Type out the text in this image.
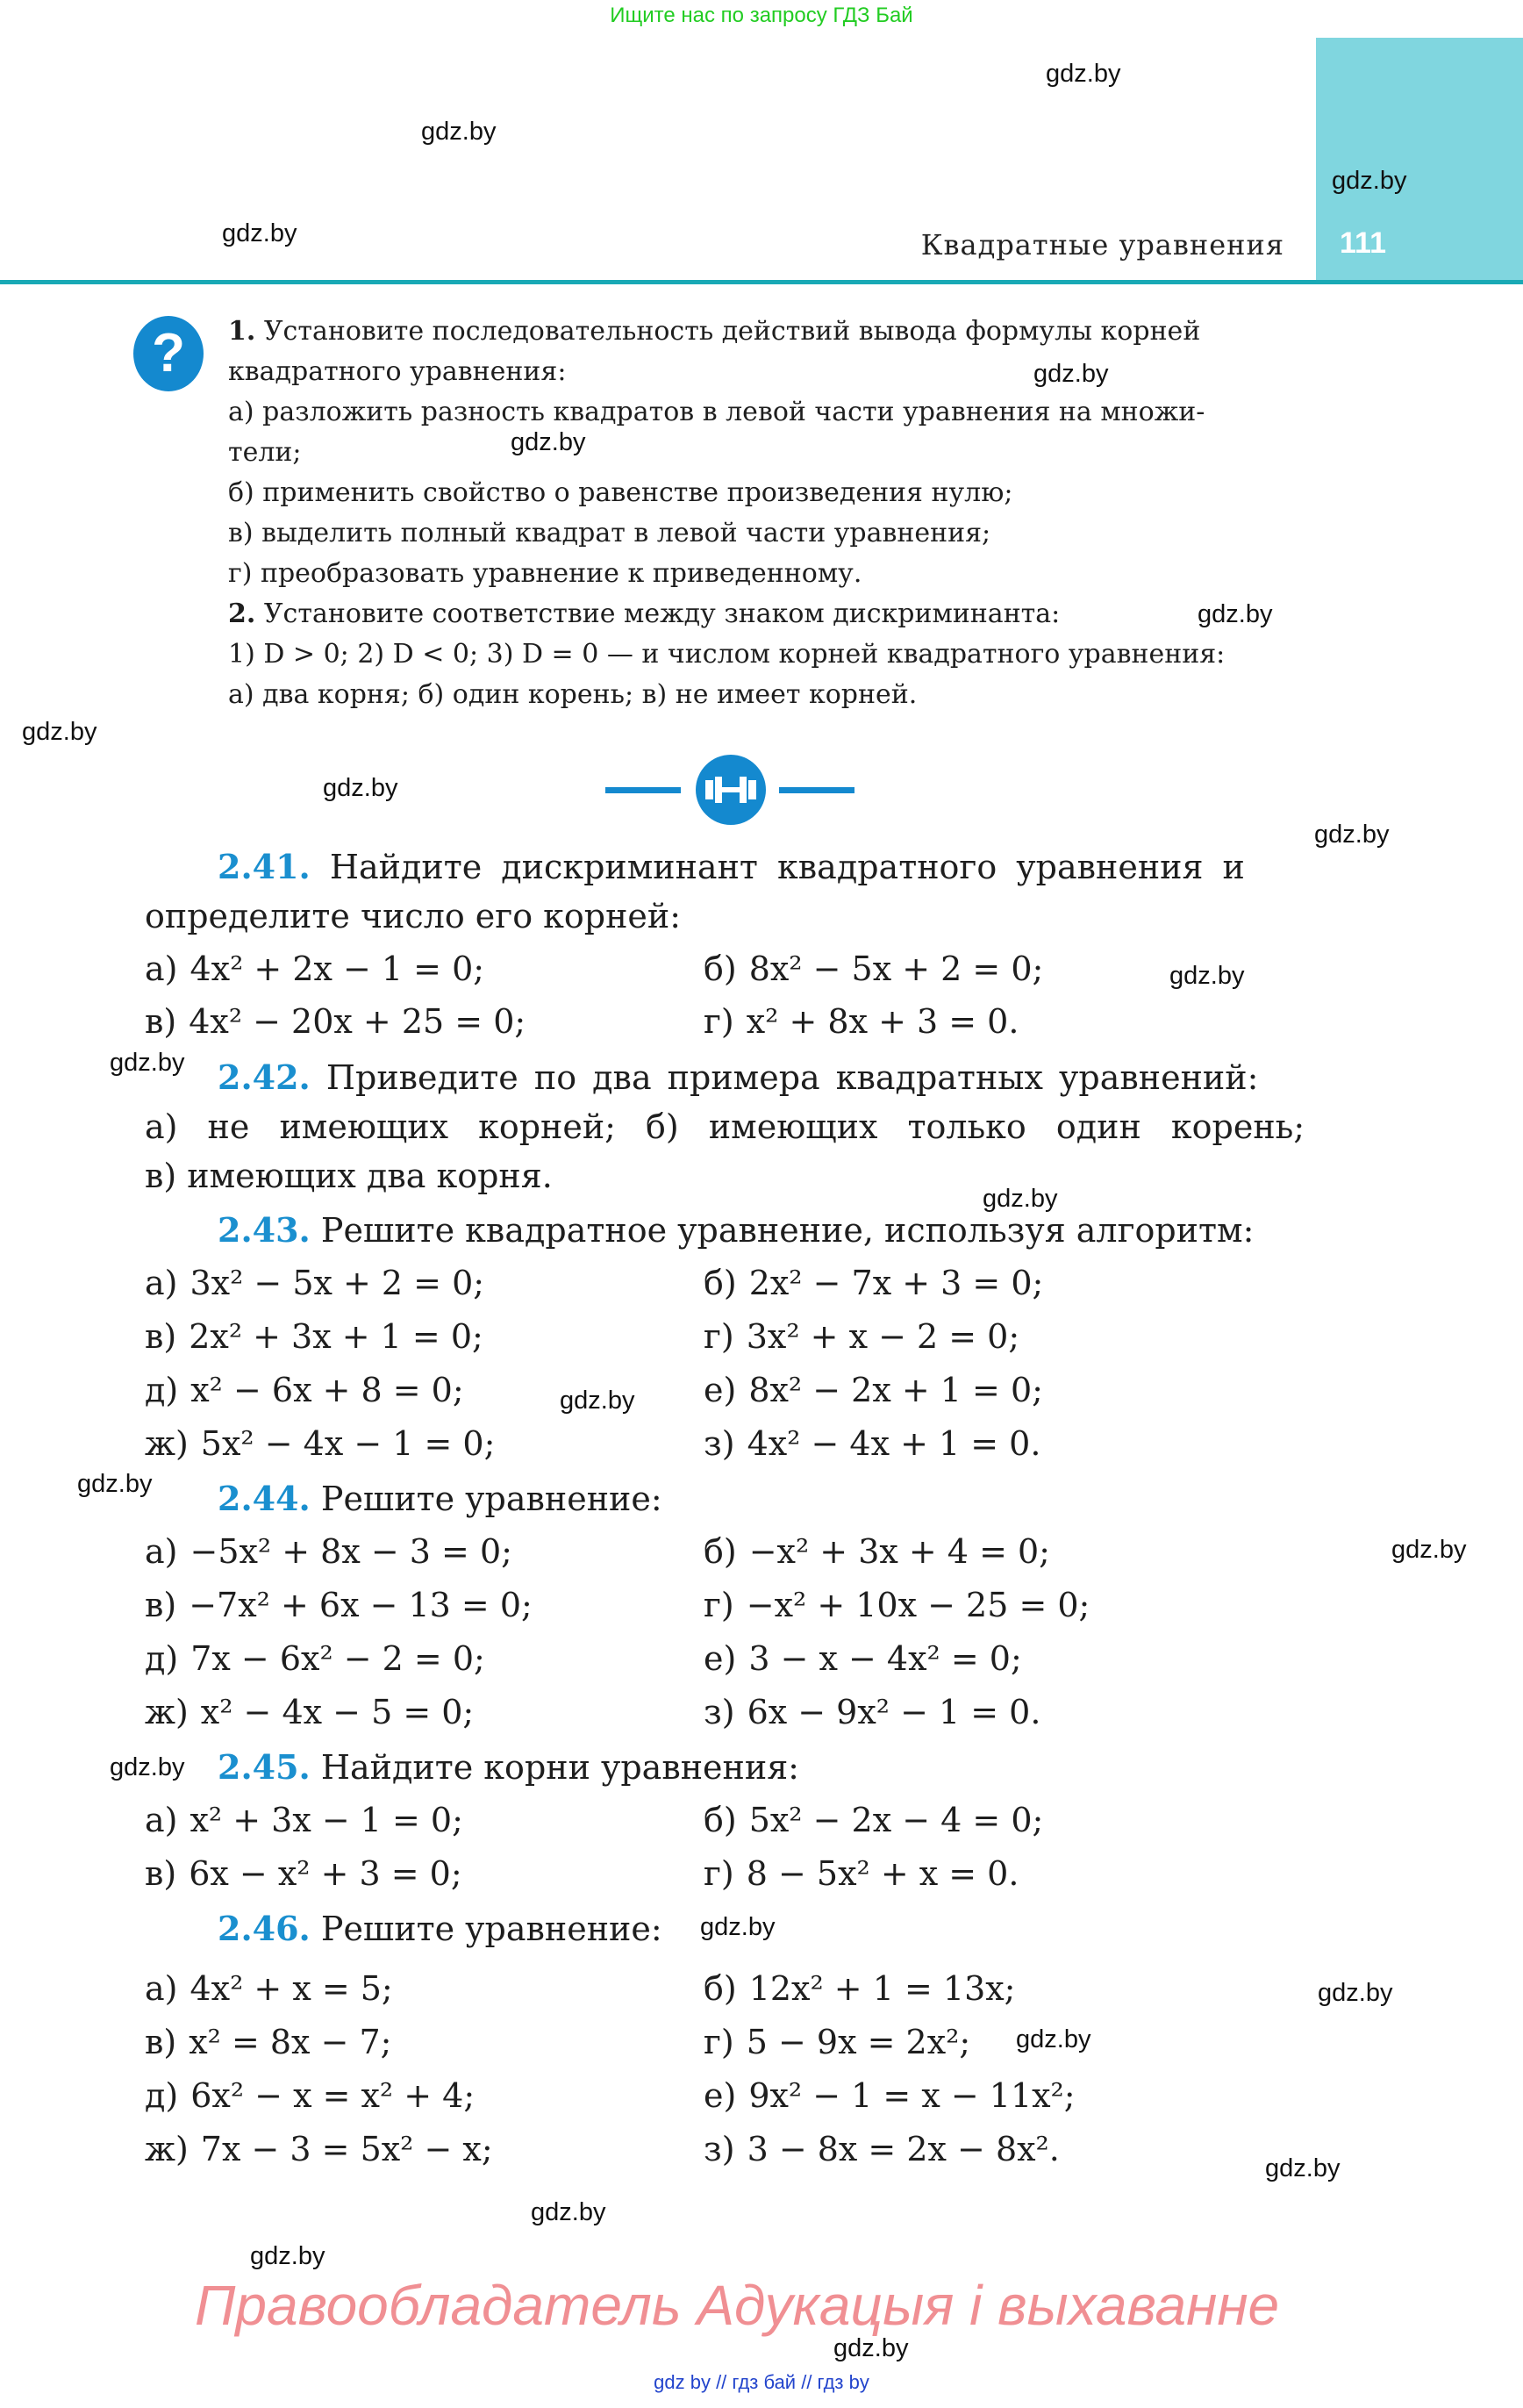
Ищите нас по запросу ГДЗ Бай
111
Квадратные уравнения
gdz.by
gdz.by
gdz.by
gdz.by
gdz.by
gdz.by
gdz.by
gdz.by
gdz.by
gdz.by
gdz.by
gdz.by
gdz.by
gdz.by
gdz.by
gdz.by
gdz.by
gdz.by
gdz.by
gdz.by
gdz.by
gdz.by
gdz.by
gdz.by
?	1. Установите последовательность действий вывода формулы корней
квадратного уравнения:
а) разложить разность квадратов в левой части уравнения на множи-
тели;
б) применить свойство о равенстве произведения нулю;
в) выделить полный квадрат в левой части уравнения;
г) преобразовать уравнение к приведенному.
2. Установите соответствие между знаком дискриминанта:
1) D > 0; 2) D < 0; 3) D = 0 — и числом корней квадратного уравнения:
а) два корня; б) один корень; в) не имеет корней.
2.41. Найдите дискриминант квадратного уравнения и
определите число его корней:
а) 4x² + 2x − 1 = 0;	б) 8x² − 5x + 2 = 0;
в) 4x² − 20x + 25 = 0;	г) x² + 8x + 3 = 0.
2.42. Приведите по два примера квадратных уравнений:
а) не имеющих корней; б) имеющих только один корень;
в) имеющих два корня.
2.43. Решите квадратное уравнение, используя алгоритм:
а) 3x² − 5x + 2 = 0;	б) 2x² − 7x + 3 = 0;
в) 2x² + 3x + 1 = 0;	г) 3x² + x − 2 = 0;
д) x² − 6x + 8 = 0;	е) 8x² − 2x + 1 = 0;
ж) 5x² − 4x − 1 = 0;	з) 4x² − 4x + 1 = 0.
2.44. Решите уравнение:
а) −5x² + 8x − 3 = 0;	б) −x² + 3x + 4 = 0;
в) −7x² + 6x − 13 = 0;	г) −x² + 10x − 25 = 0;
д) 7x − 6x² − 2 = 0;	е) 3 − x − 4x² = 0;
ж) x² − 4x − 5 = 0;	з) 6x − 9x² − 1 = 0.
2.45. Найдите корни уравнения:
а) x² + 3x − 1 = 0;	б) 5x² − 2x − 4 = 0;
в) 6x − x² + 3 = 0;	г) 8 − 5x² + x = 0.
2.46. Решите уравнение:
а) 4x² + x = 5;	б) 12x² + 1 = 13x;
в) x² = 8x − 7;	г) 5 − 9x = 2x²;
д) 6x² − x = x² + 4;	е) 9x² − 1 = x − 11x²;
ж) 7x − 3 = 5x² − x;	з) 3 − 8x = 2x − 8x².
Правообладатель Адукацыя і выхаванне
gdz by // гдз бай // гдз by
